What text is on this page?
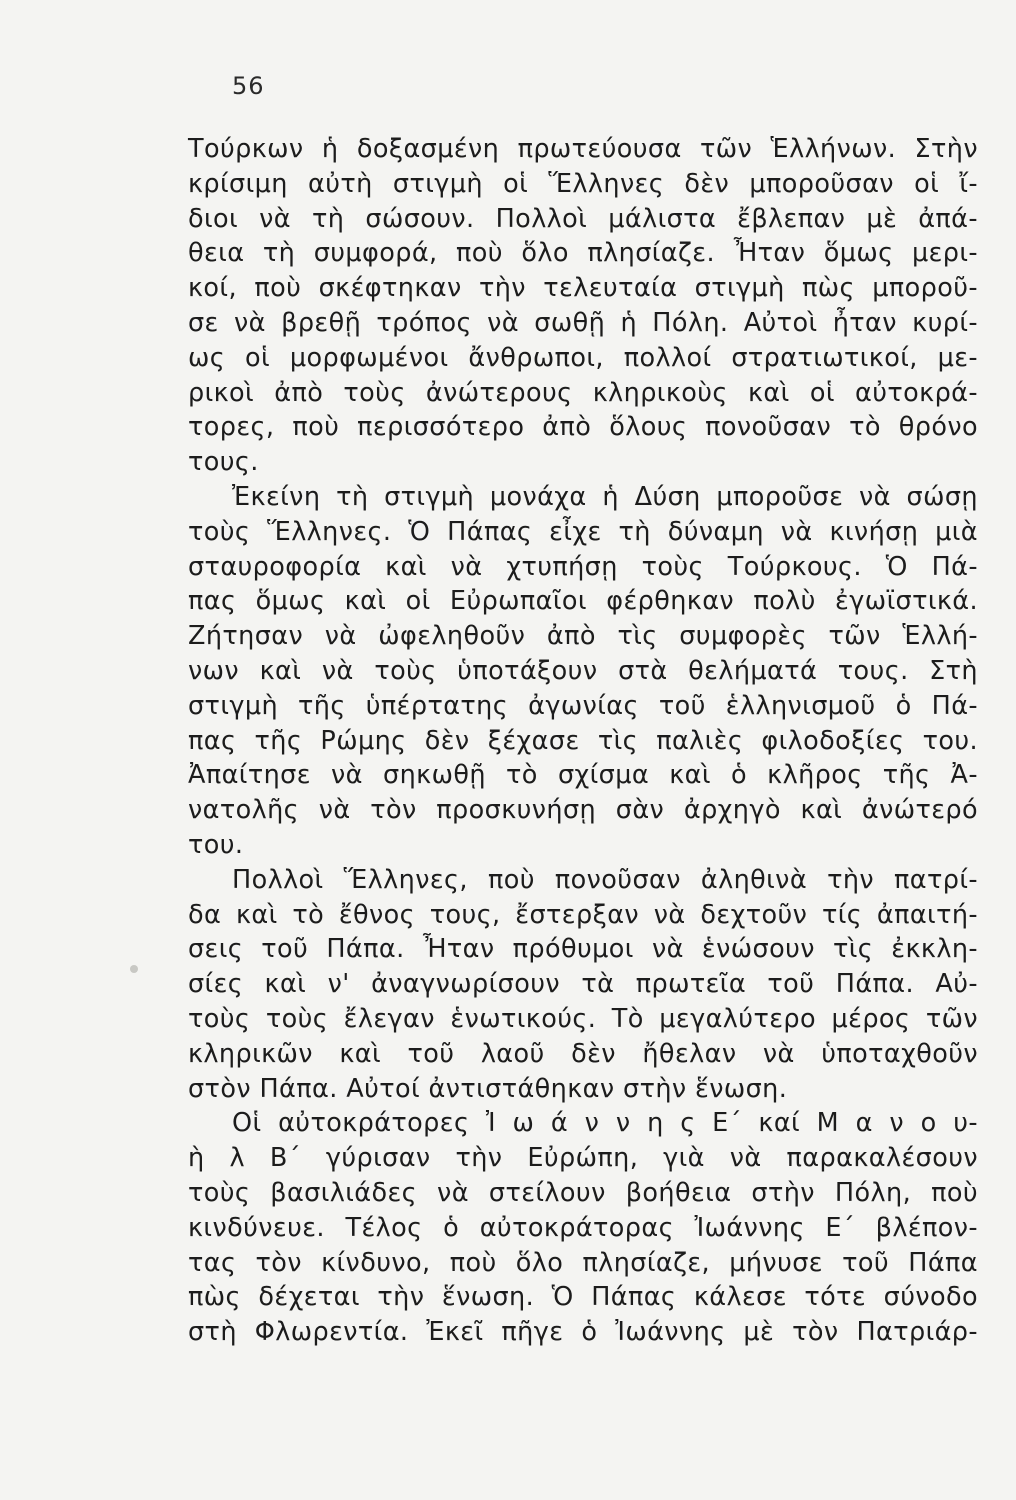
56
Τούρκων ἡ δοξασμένη πρωτεύουσα τῶν Ἑλλήνων. Στὴν
κρίσιμη αὐτὴ στιγμὴ οἱ Ἕλληνες δὲν μποροῦσαν οἱ ἴ-
διοι νὰ τὴ σώσουν. Πολλοὶ μάλιστα ἔβλεπαν μὲ ἀπά-
θεια τὴ συμφορά, ποὺ ὅλο πλησίαζε. Ἦταν ὅμως μερι-
κοί, ποὺ σκέφτηκαν τὴν τελευταία στιγμὴ πὼς μποροῦ-
σε νὰ βρεθῇ τρόπος νὰ σωθῇ ἡ Πόλη. Αὐτοὶ ἦταν κυρί-
ως οἱ μορφωμένοι ἄνθρωποι, πολλοί στρατιωτικοί, με-
ρικοὶ ἀπὸ τοὺς ἀνώτερους κληρικοὺς καὶ οἱ αὐτοκρά-
τορες, ποὺ περισσότερο ἀπὸ ὅλους πονοῦσαν τὸ θρόνο
τους.
Ἐκείνη τὴ στιγμὴ μονάχα ἡ Δύση μποροῦσε νὰ σώσῃ
τοὺς Ἕλληνες. Ὁ Πάπας εἶχε τὴ δύναμη νὰ κινήσῃ μιὰ
σταυροφορία καὶ νὰ χτυπήσῃ τοὺς Τούρκους. Ὁ Πά-
πας ὅμως καὶ οἱ Εὐρωπαῖοι φέρθηκαν πολὺ ἐγωϊστικά.
Ζήτησαν νὰ ὠφεληθοῦν ἀπὸ τὶς συμφορὲς τῶν Ἑλλή-
νων καὶ νὰ τοὺς ὑποτάξουν στὰ θελήματά τους. Στὴ
στιγμὴ τῆς ὑπέρτατης ἀγωνίας τοῦ ἑλληνισμοῦ ὁ Πά-
πας τῆς Ρώμης δὲν ξέχασε τὶς παλιὲς φιλοδοξίες του.
Ἀπαίτησε νὰ σηκωθῇ τὸ σχίσμα καὶ ὁ κλῆρος τῆς Ἀ-
νατολῆς νὰ τὸν προσκυνήσῃ σὰν ἀρχηγὸ καὶ ἀνώτερό
του.
Πολλοὶ Ἕλληνες, ποὺ πονοῦσαν ἀληθινὰ τὴν πατρί-
δα καὶ τὸ ἔθνος τους, ἔστερξαν νὰ δεχτοῦν τίς ἀπαιτή-
σεις τοῦ Πάπα. Ἦταν πρόθυμοι νὰ ἑνώσουν τὶς ἐκκλη-
σίες καὶ ν' ἀναγνωρίσουν τὰ πρωτεῖα τοῦ Πάπα. Αὐ-
τοὺς τοὺς ἔλεγαν ἑνωτικούς. Τὸ μεγαλύτερο μέρος τῶν
κληρικῶν καὶ τοῦ λαοῦ δὲν ἤθελαν νὰ ὑποταχθοῦν
στὸν Πάπα. Αὐτοί ἀντιστάθηκαν στὴν ἕνωση.
Οἱ αὐτοκράτορες Ἰ ω ά ν ν η ς Ε΄ καί Μ α ν ο υ-
ὴ λ Β΄ γύρισαν τὴν Εὐρώπη, γιὰ νὰ παρακαλέσουν
τοὺς βασιλιάδες νὰ στείλουν βοήθεια στὴν Πόλη, ποὺ
κινδύνευε. Τέλος ὁ αὐτοκράτορας Ἰωάννης Ε΄ βλέπον-
τας τὸν κίνδυνο, ποὺ ὅλο πλησίαζε, μήνυσε τοῦ Πάπα
πὼς δέχεται τὴν ἕνωση. Ὁ Πάπας κάλεσε τότε σύνοδο
στὴ Φλωρεντία. Ἐκεῖ πῆγε ὁ Ἰωάννης μὲ τὸν Πατριάρ-
